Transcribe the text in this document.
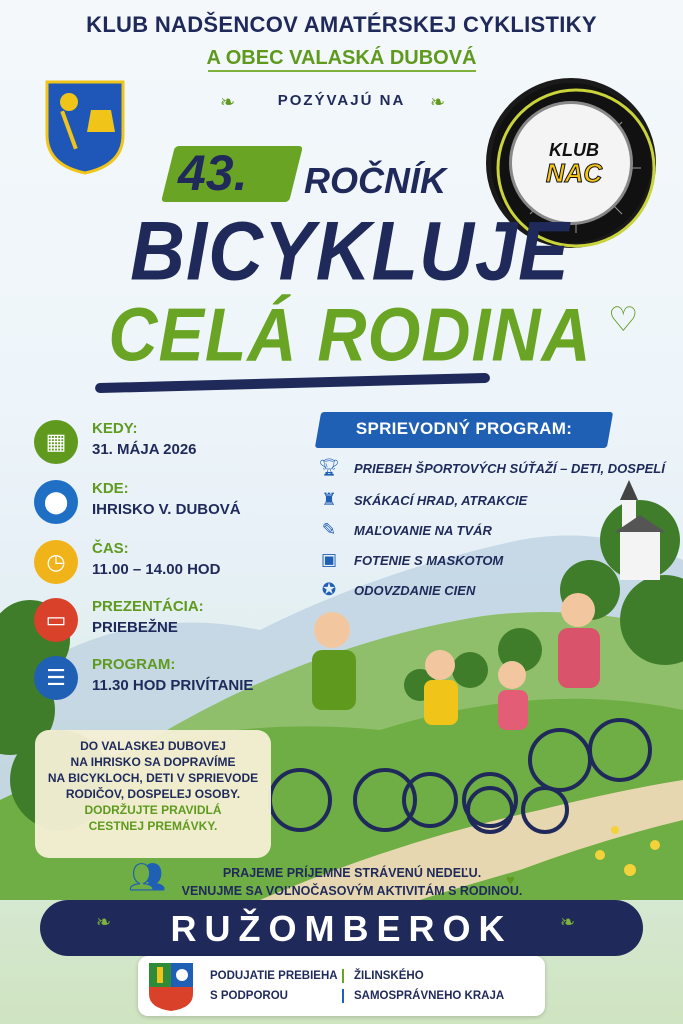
KLUB NADŠENCOV AMATÉRSKEJ CYKLISTIKY
A OBEC VALASKÁ DUBOVÁ
❧	POZÝVAJÚ NA	❧
KLUB
NAC
43. ROČNÍK
BICYKLUJE
CELÁ RODINA ♡
▦
KEDY:
31. MÁJA 2026
⬤
KDE:
IHRISKO V. DUBOVÁ
◷
ČAS:
11.00 – 14.00 HOD
▭
PREZENTÁCIA:
PRIEBEŽNE
☰
PROGRAM:
11.30 HOD PRIVÍTANIE
SPRIEVODNÝ PROGRAM:
🏆︎ PRIEBEH ŠPORTOVÝCH SÚŤAŽÍ – DETI, DOSPELÍ
♜ SKÁKACÍ HRAD, ATRAKCIE
✎ MAĽOVANIE NA TVÁR
▣ FOTENIE S MASKOTOM
✪ ODOVZDANIE CIEN
DO VALASKEJ DUBOVEJ
NA IHRISKO SA DOPRAVÍME
NA BICYKLOCH, DETI V SPRIEVODE
RODIČOV, DOSPELEJ OSOBY.
DODRŽUJTE PRAVIDLÁ
CESTNEJ PREMÁVKY.
👥︎	PRAJEME PRÍJEMNE STRÁVENÚ NEDEĽU.
VENUJME SA VOĽNOČASOVÝM AKTIVITÁM S RODINOU.
♥
❧	RUŽOMBEROK	❧
PODUJATIE PREBIEHA
S PODPOROU
ŽILINSKÉHO
SAMOSPRÁVNEHO KRAJA
